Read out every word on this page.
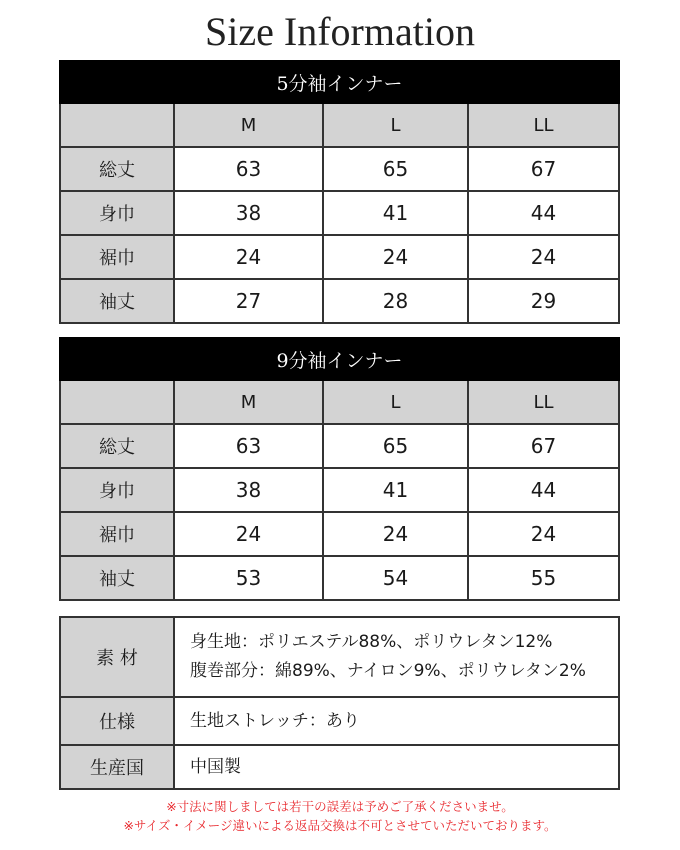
Size Information
5分袖インナー			
	M	L	LL
総丈	63	65	67
身巾	38	41	44
裾巾	24	24	24
袖丈	27	28	29
9分袖インナー			
	M	L	LL
総丈	63	65	67
身巾	38	41	44
裾巾	24	24	24
袖丈	53	54	55
素 材	身生地：ポリエステル88%、ポリウレタン12%
腹巻部分：綿89%、ナイロン9%、ポリウレタン2%

仕様	生地ストレッチ：あり
生産国	中国製
※寸法に関しましては若干の誤差は予めご了承くださいませ。
※サイズ・イメージ違いによる返品交換は不可とさせていただいております。
